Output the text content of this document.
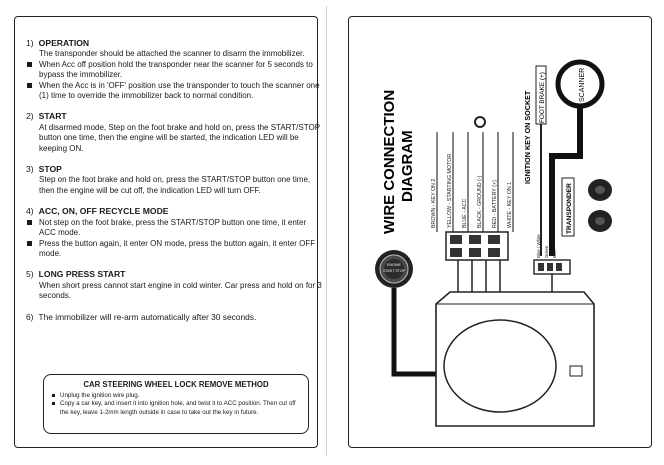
1) OPERATION
The transponder should be attached the scanner to disarm the immobilizer.
When Acc off position hold the transponder near the scanner for 5 seconds to bypass the immobilizer.
When the Acc is in 'OFF' position use the transponder to touch the scanner one (1) time to override the immobilizer back to normal condition.
2) START
At disarmed mode, Step on the foot brake and hold on, press the START/STOP button one time, then the engine will be started, the indication LED will be keeping ON.
3) STOP
Step on the foot brake and hold on, press the START/STOP button one time, then the engine will be cut off, the indication LED will turn OFF.
4) ACC, ON, OFF RECYCLE MODE
Not step on the foot brake, press the START/STOP button one time, it enter ACC mode.
Press the button again, it enter ON mode, press the button again, it enter OFF mode.
5) LONG PRESS START
When short press cannot start engine in cold winter. Car press and hold on for 3 seconds.
6) The immobilizer will re-arm automatically after 30 seconds.
CAR STEERING WHEEL LOCK REMOVE METHOD
Unplug the ignition wire plug.
Copy a car key, and insert it into ignition hole, and twist it to ACC position. Then cut off the key, leave 1-2mm length outside in case to take out the key in future.
WIRE CONNECTION DIAGRAM
BROWN - KEY ON 2 YELLOW - STARTING MOTOR BLUE - ACC BLACK - GROUND (-) RED - BATTERY (+) WHITE - KEY ON 1
IGNITION KEY ON SOCKET FOOT BRAKE (+)	SCANNER
TRANSPONDER
Blue / White Green Blue
ENGINE
START STOP
